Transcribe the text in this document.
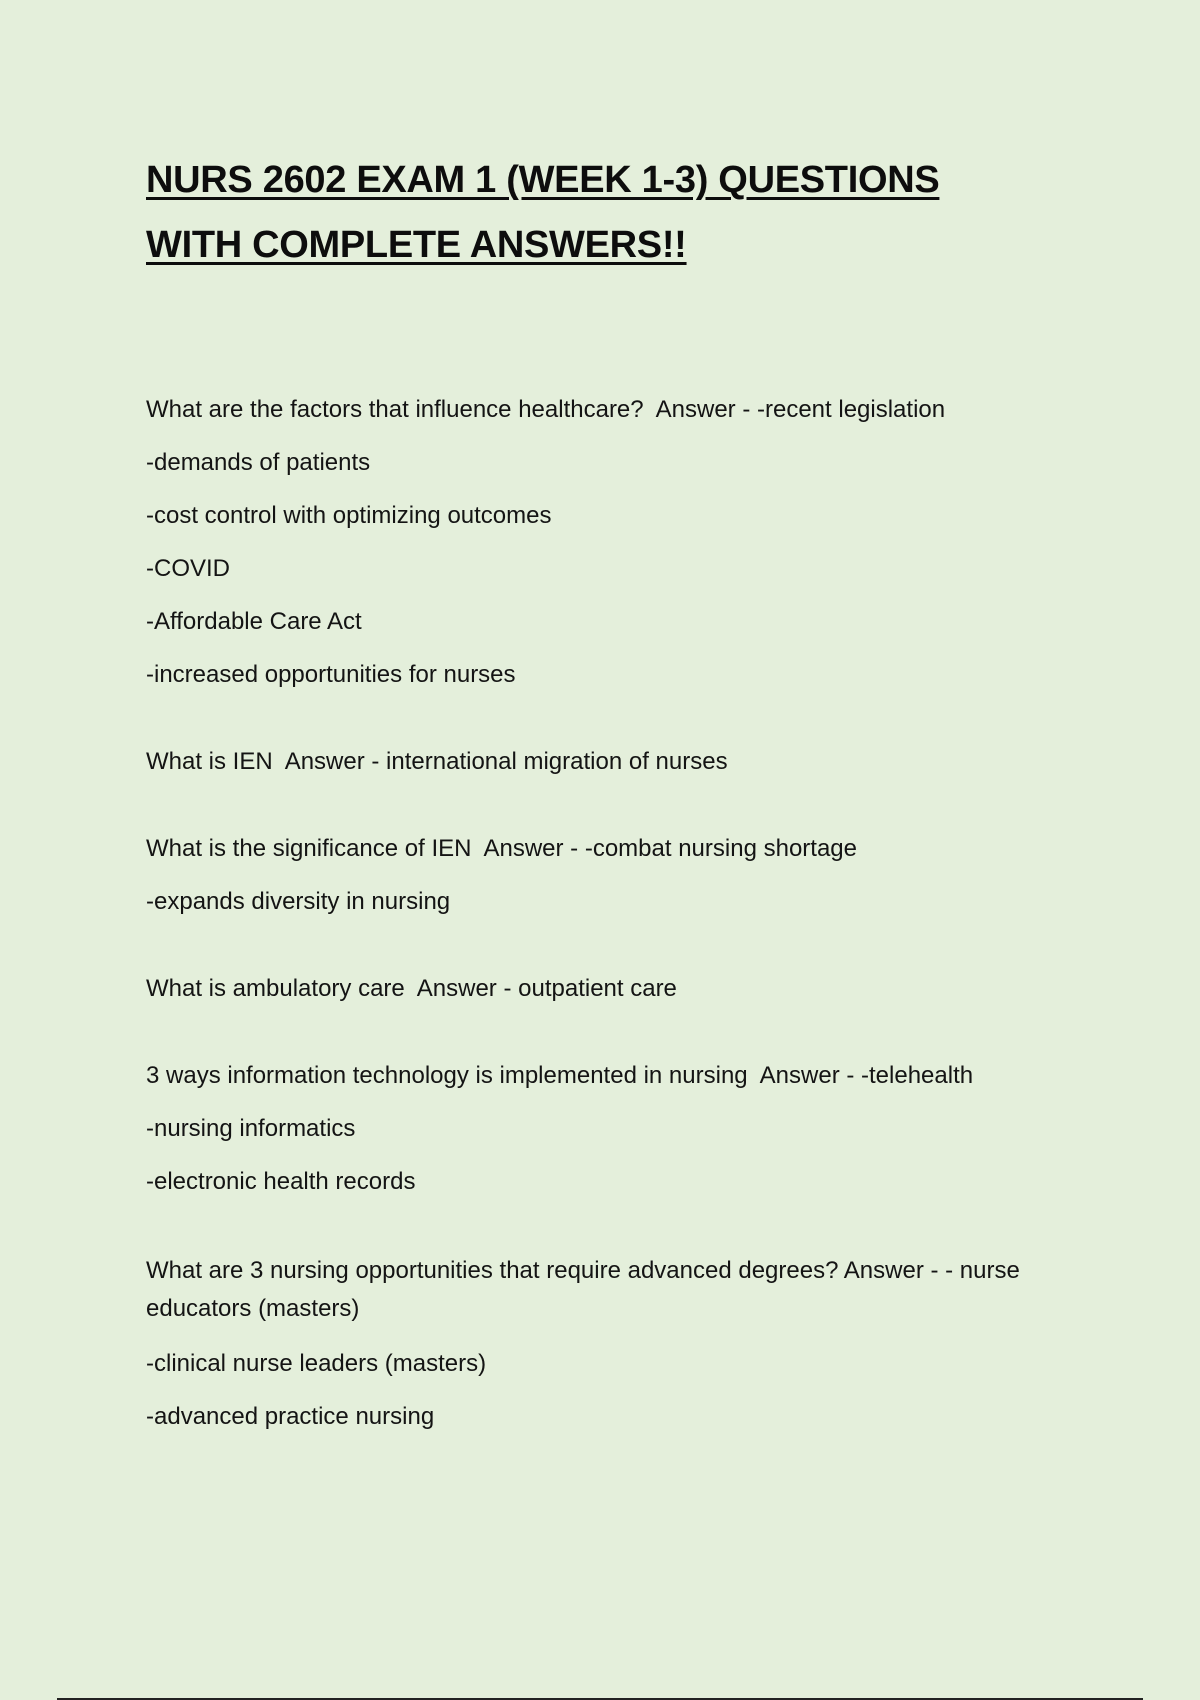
NURS 2602 EXAM 1 (WEEK 1-3) QUESTIONS
WITH COMPLETE ANSWERS!!

What are the factors that influence healthcare?  Answer - -recent legislation

-demands of patients

-cost control with optimizing outcomes

-COVID

-Affordable Care Act

-increased opportunities for nurses

What is IEN  Answer - international migration of nurses

What is the significance of IEN  Answer - -combat nursing shortage

-expands diversity in nursing

What is ambulatory care  Answer - outpatient care

3 ways information technology is implemented in nursing  Answer - -telehealth

-nursing informatics

-electronic health records

What are 3 nursing opportunities that require advanced degrees? Answer - - nurse educators (masters)

-clinical nurse leaders (masters)

-advanced practice nursing
